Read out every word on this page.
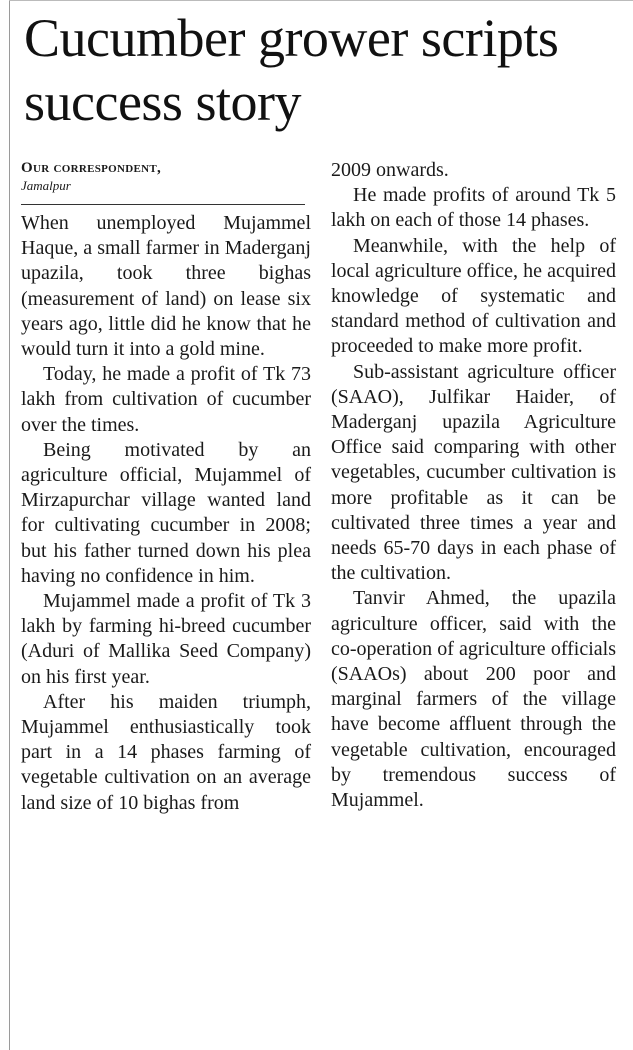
Cucumber grower scripts success story
Our correspondent,
Jamalpur

When unemployed Mujammel Haque, a small farmer in Maderganj upazila, took three bighas (measurement of land) on lease six years ago, little did he know that he would turn it into a gold mine.

Today, he made a profit of Tk 73 lakh from cultivation of cucumber over the times.

Being motivated by an agriculture official, Mujammel of Mirzapurchar village wanted land for cultivating cucumber in 2008; but his father turned down his plea having no confidence in him.

Mujammel made a profit of Tk 3 lakh by farming hi-breed cucumber (Aduri of Mallika Seed Company) on his first year.

After his maiden triumph, Mujammel enthusiastically took part in a 14 phases farming of vegetable cultivation on an average land size of 10 bighas from

2009 onwards.

He made profits of around Tk 5 lakh on each of those 14 phases.

Meanwhile, with the help of local agriculture office, he acquired knowledge of systematic and standard method of cultivation and proceeded to make more profit.

Sub-assistant agriculture officer (SAAO), Julfikar Haider, of Maderganj upazila Agriculture Office said comparing with other vegetables, cucumber cultivation is more profitable as it can be cultivated three times a year and needs 65-70 days in each phase of the cultivation.

Tanvir Ahmed, the upazila agriculture officer, said with the co-operation of agriculture officials (SAAOs) about 200 poor and marginal farmers of the village have become affluent through the vegetable cultivation, encouraged by tremendous success of Mujammel.
